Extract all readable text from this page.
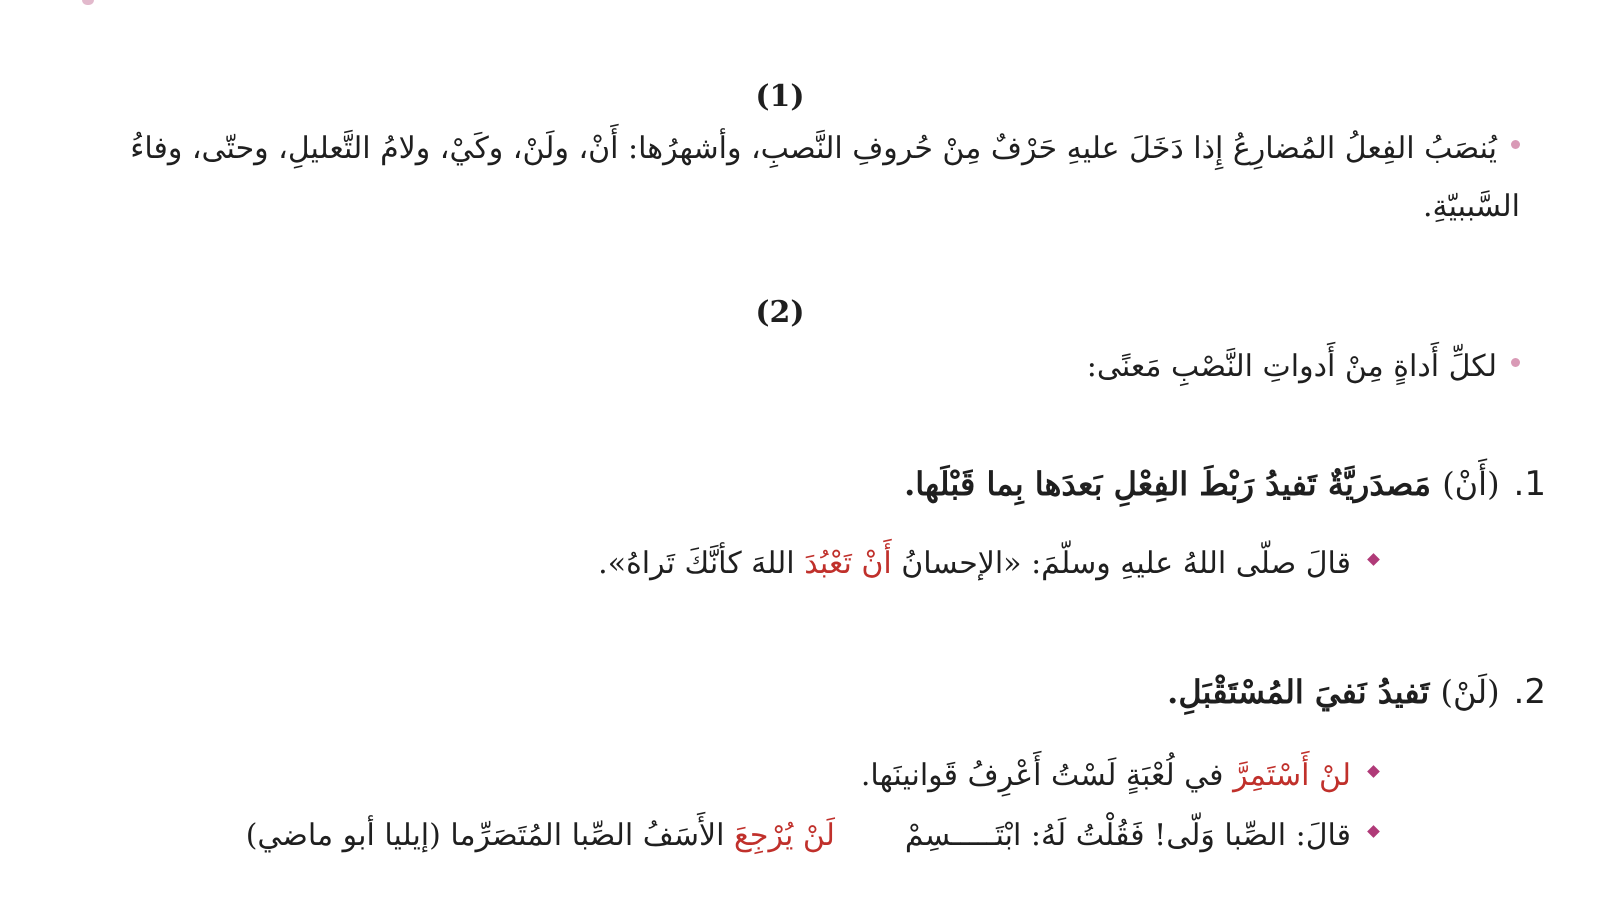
(1)

يُنصَبُ الفِعلُ المُضارِعُ إِذا دَخَلَ عليهِ حَرْفٌ مِنْ حُروفِ النَّصبِ، وأشهرُها: أَنْ، ولَنْ، وكَيْ، ولامُ التَّعليلِ، وحتّى، وفاءُ السَّببيّةِ.

(2)

لكلِّ أَداةٍ مِنْ أَدواتِ النَّصْبِ مَعنًى:

1.(أَنْ) مَصدَريَّةٌ تَفيدُ رَبْطَ الفِعْلِ بَعدَها بِما قَبْلَها.
قالَ صلّى اللهُ عليهِ وسلّمَ: «الإحسانُ أَنْ تَعْبُدَ اللهَ كأنَّكَ تَراهُ».
2.(لَنْ) تَفيدُ نَفيَ المُسْتَقْبَلِ.
لنْ أَسْتَمِرَّ في لُعْبَةٍ لَسْتُ أَعْرِفُ قَوانينَها.
قالَ: الصِّبا وَلّى! فَقُلْتُ لَهُ: ابْتَـــــسِمْلَنْ يُرْجِعَ الأَسَفُ الصِّبا المُتَصَرِّما (إيليا أبو ماضي)
